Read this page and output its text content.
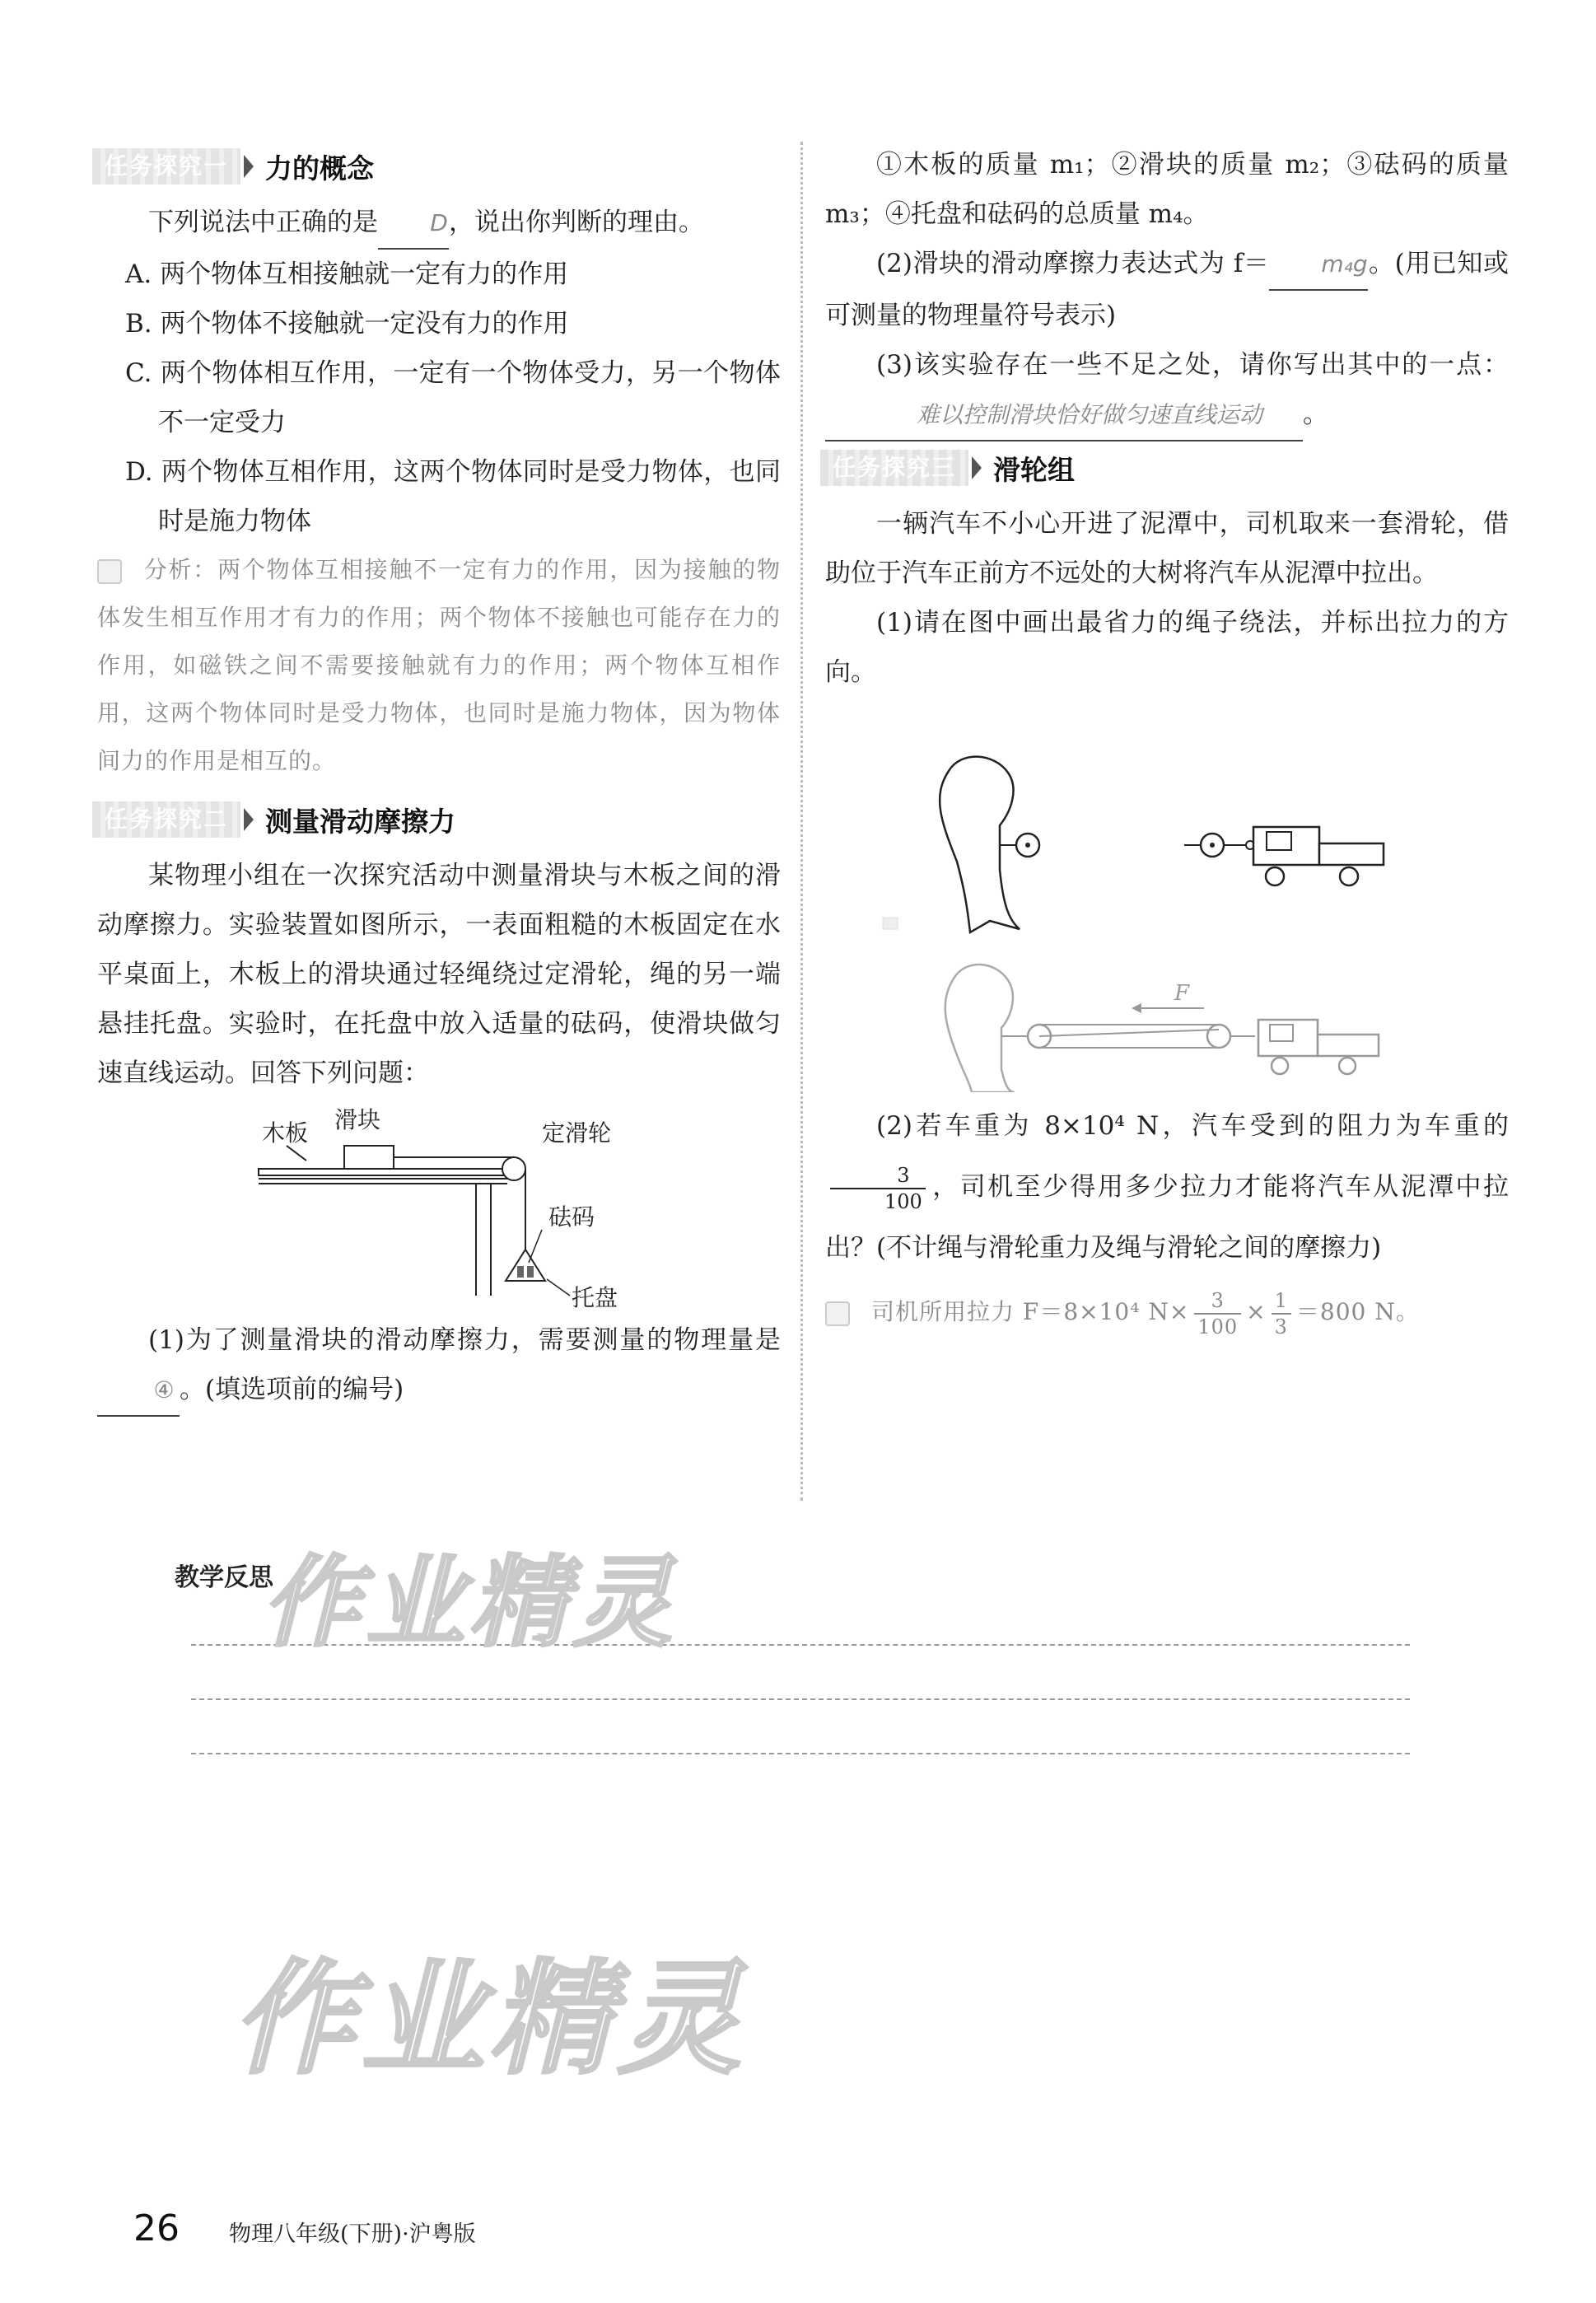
任务探究一	力的概念

下列说法中正确的是 D，说出你判断的理由。

A. 两个物体互相接触就一定有力的作用

B. 两个物体不接触就一定没有力的作用

C. 两个物体相互作用，一定有一个物体受力，另一个物体不一定受力

D. 两个物体互相作用，这两个物体同时是受力物体，也同时是施力物体

分析：两个物体互相接触不一定有力的作用，因为接触的物体发生相互作用才有力的作用；两个物体不接触也可能存在力的作用，如磁铁之间不需要接触就有力的作用；两个物体互相作用，这两个物体同时是受力物体，也同时是施力物体，因为物体间力的作用是相互的。

任务探究二	测量滑动摩擦力

某物理小组在一次探究活动中测量滑块与木板之间的滑动摩擦力。实验装置如图所示，一表面粗糙的木板固定在水平桌面上，木板上的滑块通过轻绳绕过定滑轮，绳的另一端悬挂托盘。实验时，在托盘中放入适量的砝码，使滑块做匀速直线运动。回答下列问题：

木板 滑块	定滑轮
砝码
托盘

(1)为了测量滑块的滑动摩擦力，需要测量的物理量是④ 。(填选项前的编号)

①木板的质量 m₁；②滑块的质量 m₂；③砝码的质量 m₃；④托盘和砝码的总质量 m₄。

(2)滑块的滑动摩擦力表达式为 f＝ m₄g。(用已知或可测量的物理量符号表示)

(3)该实验存在一些不足之处，请你写出其中的一点：难以控制滑块恰好做匀速直线运动 。

任务探究三	滑轮组

一辆汽车不小心开进了泥潭中，司机取来一套滑轮，借助位于汽车正前方不远处的大树将汽车从泥潭中拉出。

(1)请在图中画出最省力的绳子绕法，并标出拉力的方向。

F

(2)若车重为 8×10⁴ N，汽车受到的阻力为车重的
$\frac{3}{100}$ ，司机至少得用多少拉力才能将汽车从泥潭中拉出？(不计绳与滑轮重力及绳与滑轮之间的摩擦力)

司机所用拉力 F＝8×10⁴ $N\times \frac{3}{100} \times \frac{1}{3} =800$ N。

教学反思
作业精灵
作业精灵
26 物理八年级(下册)·沪粤版
